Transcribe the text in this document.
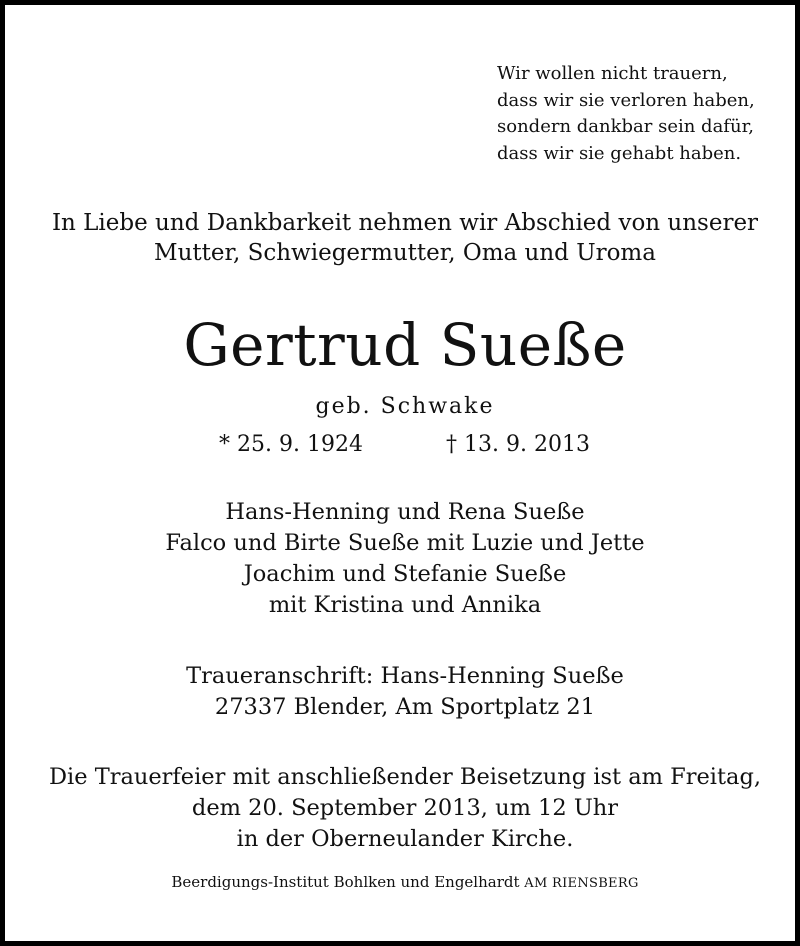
Wir wollen nicht trauern,
dass wir sie verloren haben,
sondern dankbar sein dafür,
dass wir sie gehabt haben.
In Liebe und Dankbarkeit nehmen wir Abschied von unserer
Mutter, Schwiegermutter, Oma und Uroma
Gertrud Sueße
geb. Schwake
* 25. 9. 1924	† 13. 9. 2013
Hans-Henning und Rena Sueße
Falco und Birte Sueße mit Luzie und Jette
Joachim und Stefanie Sueße
mit Kristina und Annika
Traueranschrift: Hans-Henning Sueße
27337 Blender, Am Sportplatz 21
Die Trauerfeier mit anschließender Beisetzung ist am Freitag,
dem 20. September 2013, um 12 Uhr
in der Oberneulander Kirche.
Beerdigungs-Institut Bohlken und Engelhardt AM RIENSBERG
